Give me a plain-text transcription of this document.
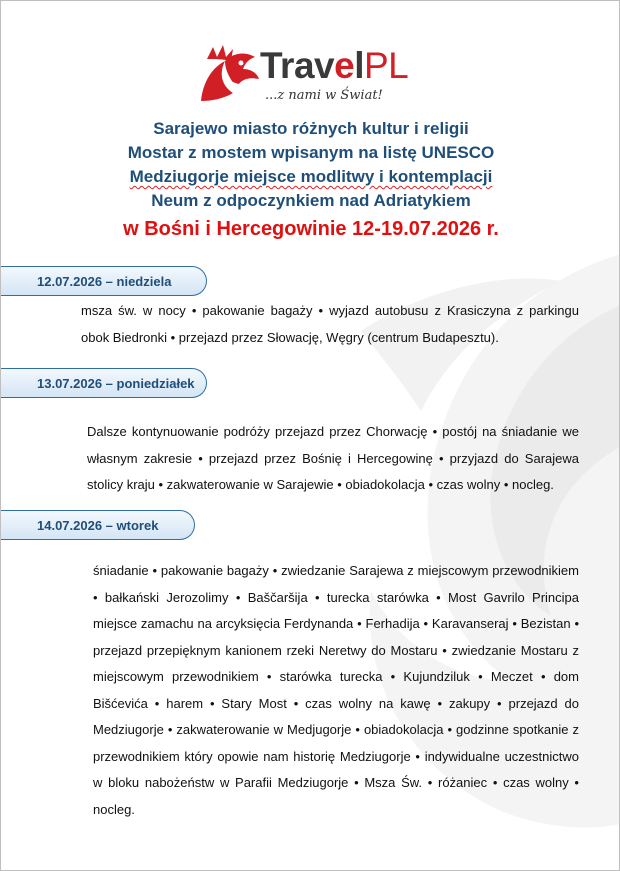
TravelPL
...z nami w Świat!

Sarajewo miasto różnych kultur i religii

Mostar z mostem wpisanym na listę UNESCO

Medziugorje miejsce modlitwy i kontemplacji

Neum z odpoczynkiem nad Adriatykiem

w Bośni i Hercegowinie 12-19.07.2026 r.

12.07.2026 – niedziela

msza św. w nocy • pakowanie bagaży • wyjazd autobusu z Krasiczyna z parkingu obok Biedronki • przejazd przez Słowację, Węgry (centrum Budapesztu).

13.07.2026 – poniedziałek

Dalsze kontynuowanie podróży przejazd przez Chorwację • postój na śniadanie we własnym zakresie • przejazd przez Bośnię i Hercegowinę • przyjazd do Sarajewa stolicy kraju • zakwaterowanie w Sarajewie • obiadokolacja • czas wolny • nocleg.

14.07.2026 – wtorek

śniadanie • pakowanie bagaży • zwiedzanie Sarajewa z miejscowym przewodnikiem • bałkański Jerozolimy • Baščaršija • turecka starówka • Most Gavrilo Principa miejsce zamachu na arcyksięcia Ferdynanda • Ferhadija • Karavanseraj • Bezistan • przejazd przepięknym kanionem rzeki Neretwy do Mostaru • zwiedzanie Mostaru z miejscowym przewodnikiem • starówka turecka • Kujundziluk • Meczet • dom Bišćevića • harem • Stary Most • czas wolny na kawę • zakupy • przejazd do Medziugorje • zakwaterowanie w Medjugorje • obiadokolacja • godzinne spotkanie z przewodnikiem który opowie nam historię Medziugorje • indywidualne uczestnictwo w bloku nabożeństw w Parafii Medziugorje • Msza Św. • różaniec • czas wolny • nocleg.
